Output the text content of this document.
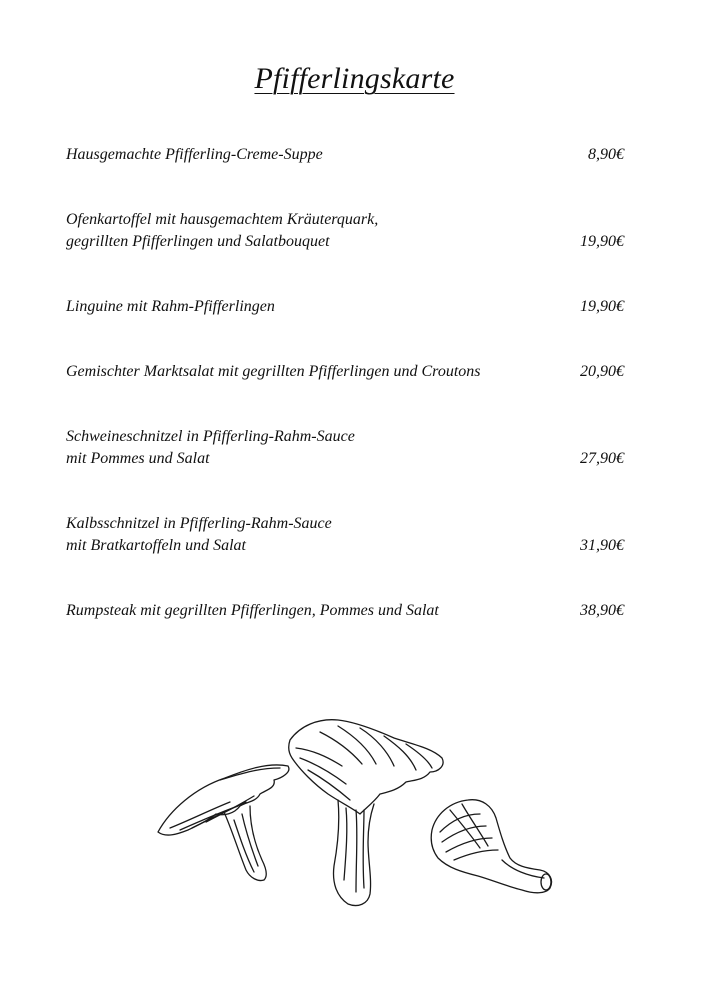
Pfifferlingskarte
Hausgemachte Pfifferling-Creme-Suppe	8,90€
Ofenkartoffel mit hausgemachtem Kräuterquark,
gegrillten Pfifferlingen und Salatbouquet	19,90€
Linguine mit Rahm-Pfifferlingen	19,90€
Gemischter Marktsalat mit gegrillten Pfifferlingen und Croutons	20,90€
Schweineschnitzel in Pfifferling-Rahm-Sauce
mit Pommes und Salat	27,90€
Kalbsschnitzel in Pfifferling-Rahm-Sauce
mit Bratkartoffeln und Salat	31,90€
Rumpsteak mit gegrillten Pfifferlingen, Pommes und Salat	38,90€
